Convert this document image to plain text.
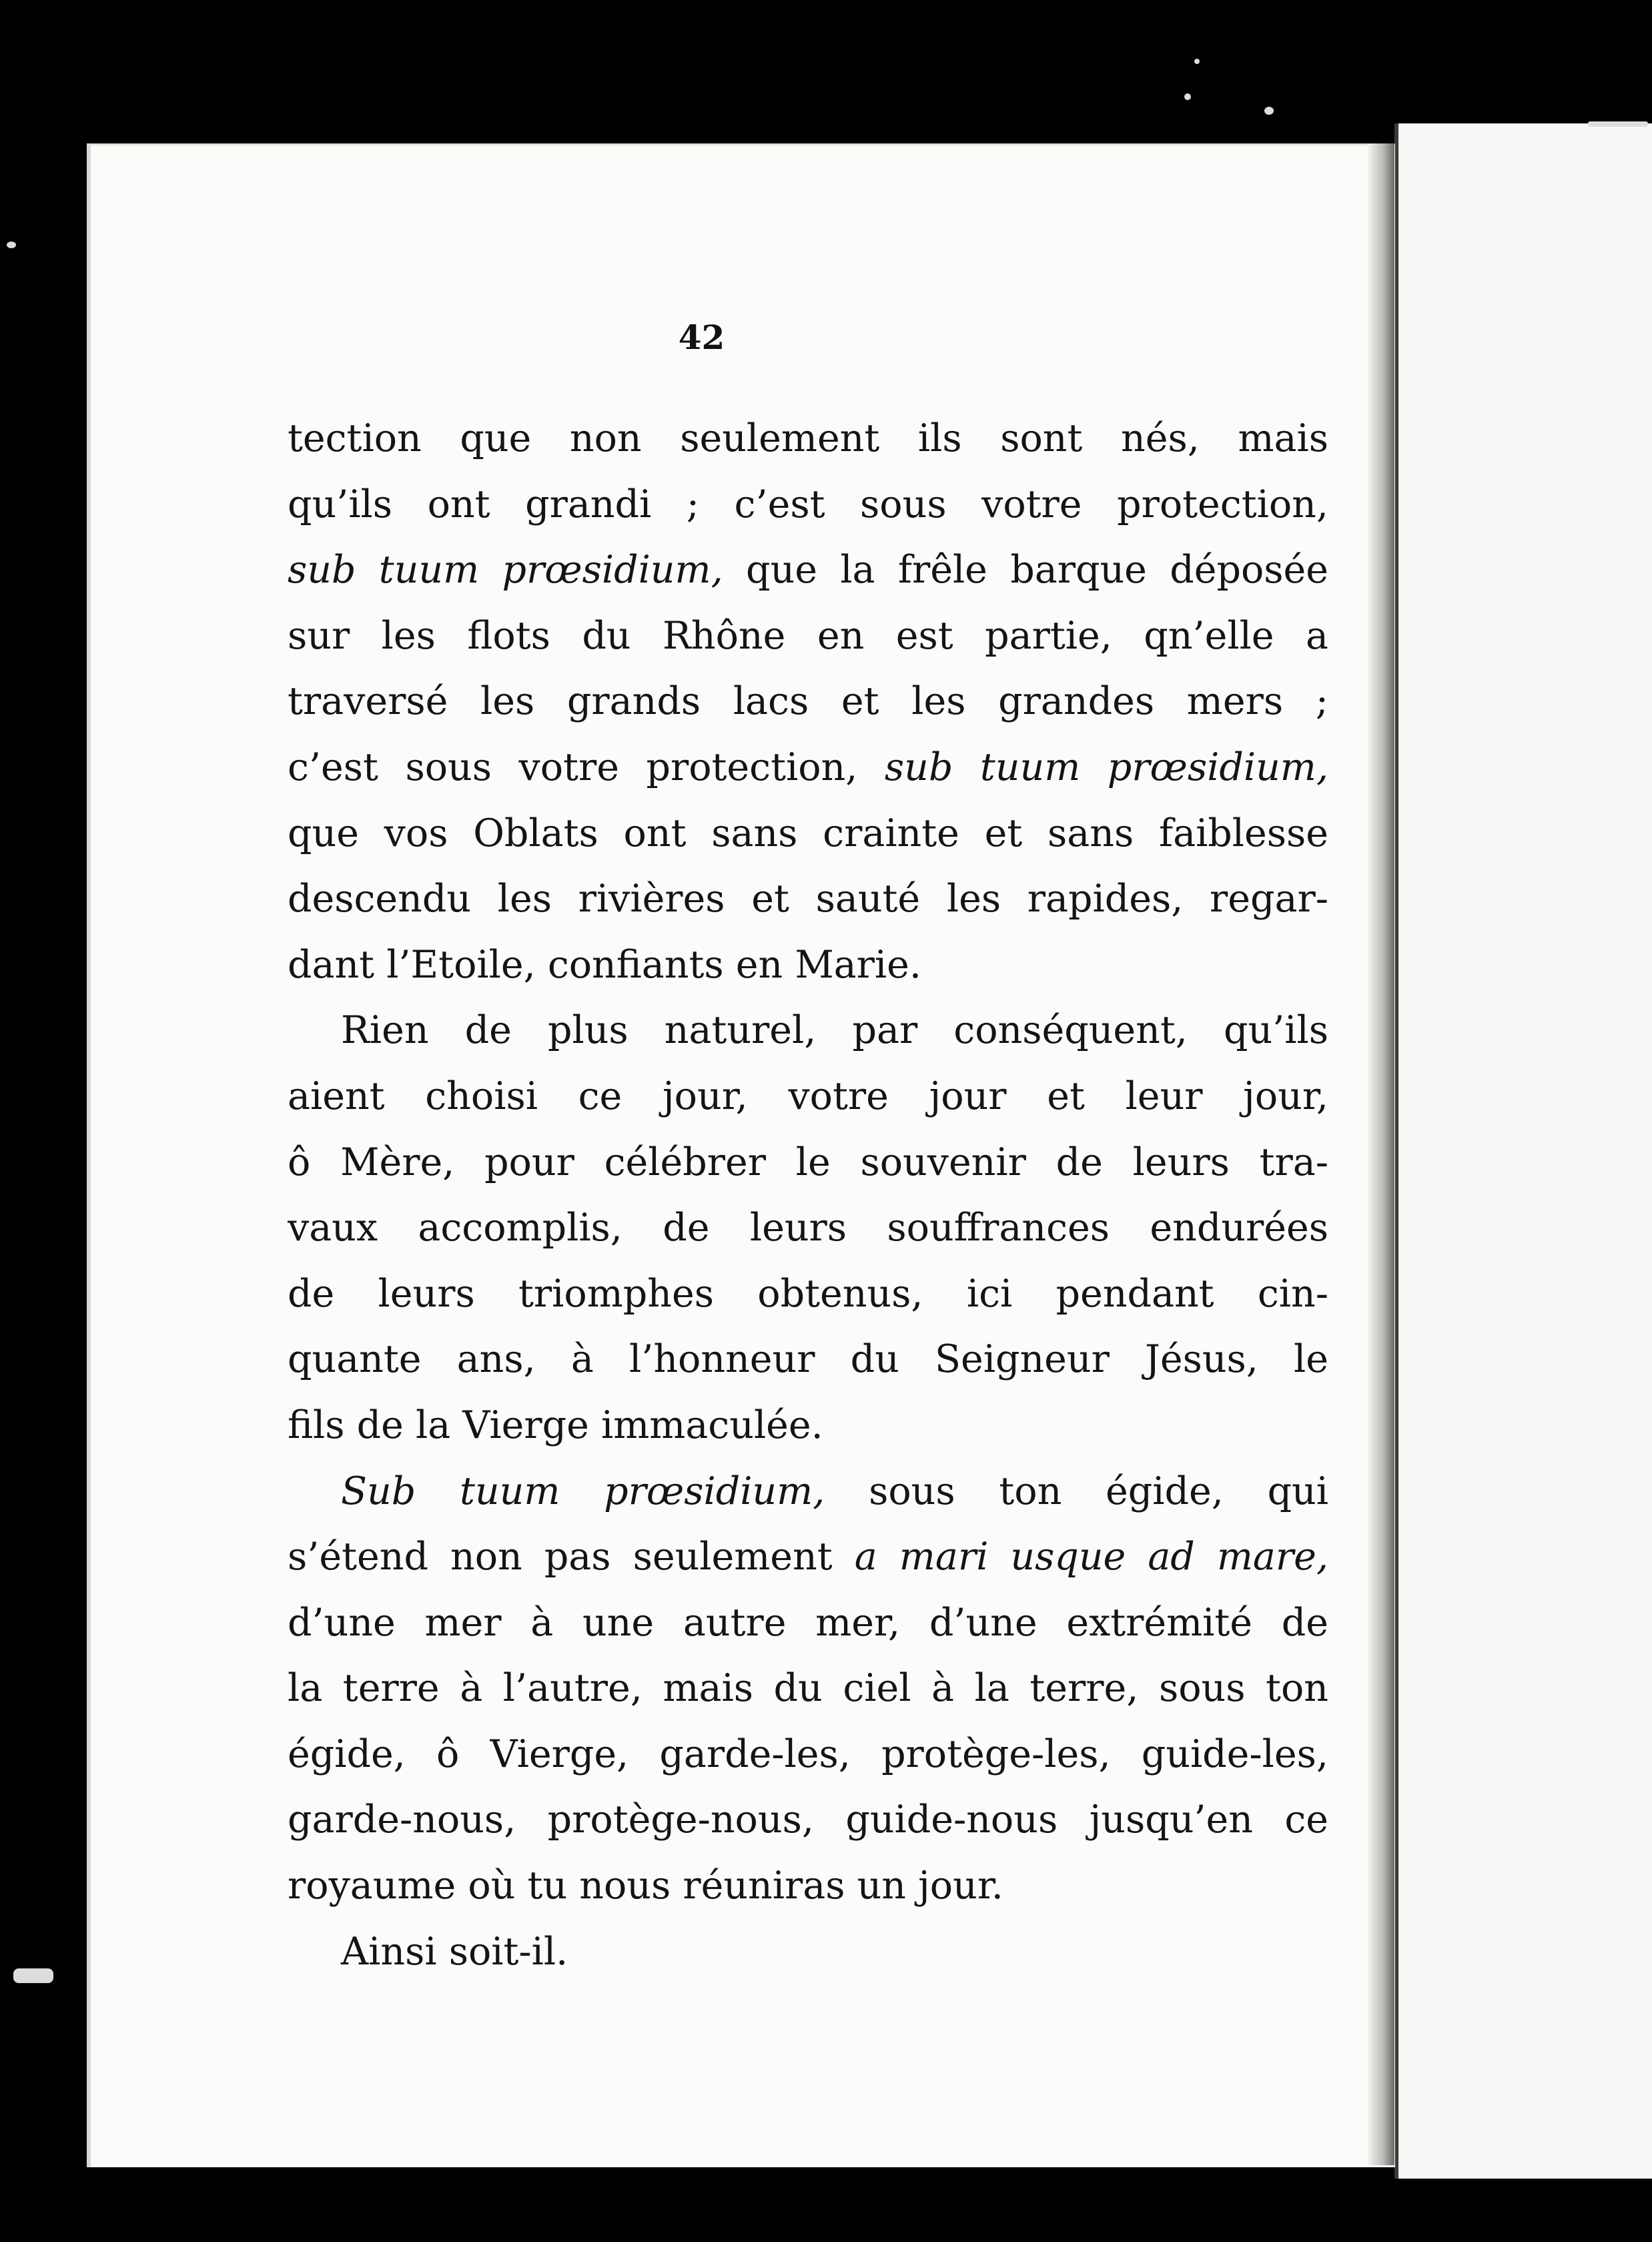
42
tection que non seulement ils sont nés, mais
qu’ils ont grandi ; c’est sous votre protection,
sub tuum prœsidium, que la frêle barque déposée
sur les flots du Rhône en est partie, qn’elle a
traversé les grands lacs et les grandes mers ;
c’est sous votre protection, sub tuum prœsidium,
que vos Oblats ont sans crainte et sans faiblesse
descendu les rivières et sauté les rapides, regar-
dant l’Etoile, confiants en Marie.
Rien de plus naturel, par conséquent, qu’ils
aient choisi ce jour, votre jour et leur jour,
ô Mère, pour célébrer le souvenir de leurs tra-
vaux accomplis, de leurs souffrances endurées
de leurs triomphes obtenus, ici pendant cin-
quante ans, à l’honneur du Seigneur Jésus, le
fils de la Vierge immaculée.
Sub tuum prœsidium, sous ton égide, qui
s’étend non pas seulement a mari usque ad mare,
d’une mer à une autre mer, d’une extrémité de
la terre à l’autre, mais du ciel à la terre, sous ton
égide, ô Vierge, garde-les, protège-les, guide-les,
garde-nous, protège-nous, guide-nous jusqu’en ce
royaume où tu nous réuniras un jour.
Ainsi soit-il.
